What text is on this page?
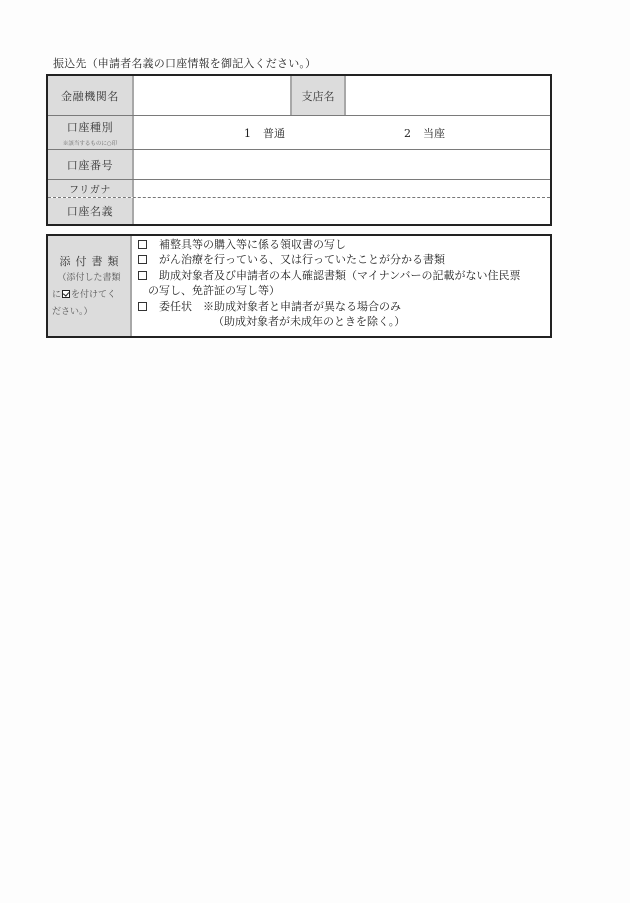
振込先（申請者名義の口座情報を御記入ください。）
金融機関名	支店名
口座種別
※該当するものに○印
1 普通	2 当座
口座番号
フリガナ
口座名義
添付書類
（添付した書類
に を付けてく
ださい。）
補整具等の購入等に係る領収書の写し
がん治療を行っている、又は行っていたことが分かる書類
助成対象者及び申請者の本人確認書類（マイナンバーの記載がない住民票
の写し、免許証の写し等）
委任状　※助成対象者と申請者が異なる場合のみ
（助成対象者が未成年のときを除く。）
